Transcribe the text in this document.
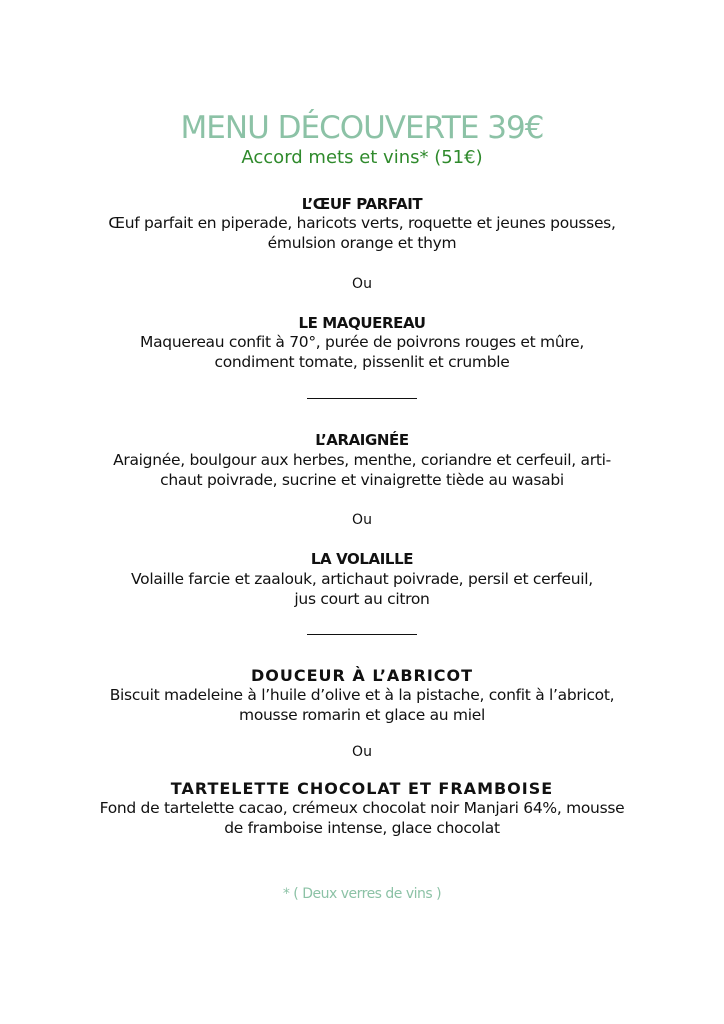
MENU DÉCOUVERTE 39€
Accord mets et vins* (51€)
L’ŒUF PARFAIT
Œuf parfait en piperade, haricots verts, roquette et jeunes pousses,
émulsion orange et thym
Ou
LE MAQUEREAU
Maquereau confit à 70°, purée de poivrons rouges et mûre,
condiment tomate, pissenlit et crumble
L’ARAIGNÉE
Araignée, boulgour aux herbes, menthe, coriandre et cerfeuil, arti-
chaut poivrade, sucrine et vinaigrette tiède au wasabi
Ou
LA VOLAILLE
Volaille farcie et zaalouk, artichaut poivrade, persil et cerfeuil,
jus court au citron
DOUCEUR À L’ABRICOT
Biscuit madeleine à l’huile d’olive et à la pistache, confit à l’abricot,
mousse romarin et glace au miel
Ou
TARTELETTE CHOCOLAT ET FRAMBOISE
Fond de tartelette cacao, crémeux chocolat noir Manjari 64%, mousse
de framboise intense, glace chocolat
* ( Deux verres de vins )
